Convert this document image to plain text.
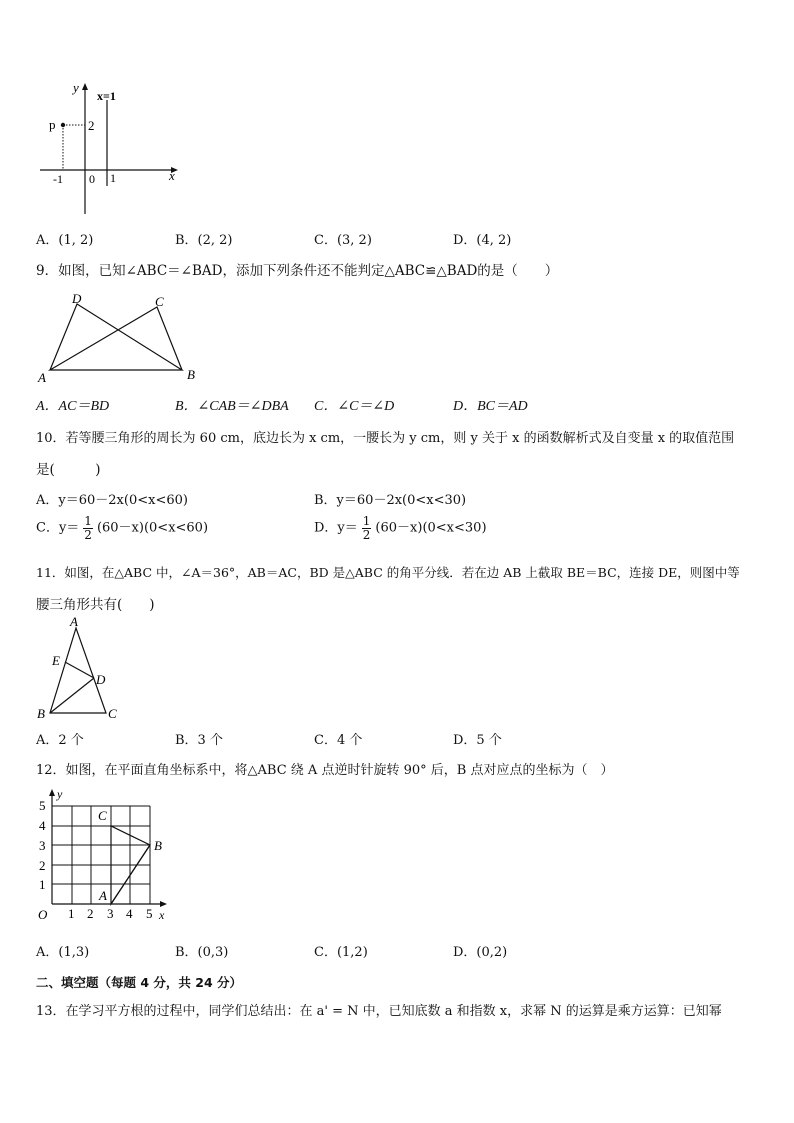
y
x=1
p	2
-1 0 1	x
A．(1, 2)	B．(2, 2)	C．(3, 2)	D．(4, 2)
9．如图，已知∠ABC＝∠BAD，添加下列条件还不能判定△ABC≌△BAD的是（　　）
D	C
A	B
A．AC＝BD	B．∠CAB＝∠DBA C．∠C＝∠D	D．BC＝AD
10．若等腰三角形的周长为 60 cm，底边长为 x cm，一腰长为 y cm，则 y 关于 x 的函数解析式及自变量 x 的取值范围
是(　　　)
A．y＝60－2x(0<x<60)	B．y＝60－2x(0<x<30)
C．$y= \frac{1}{2} (60-x)(0<x<60)$	D．$y= \frac{1}{2} (60-x)(0<x<30)$
11．如图，在△ABC 中，∠A＝36°，AB＝AC，BD 是△ABC 的角平分线．若在边 AB 上截取 BE＝BC，连接 DE，则图中等
腰三角形共有(　　)
A
E
D
B	C
A．2 个	B．3 个	C．4 个	D．5 个
12．如图，在平面直角坐标系中，将△ABC 绕 A 点逆时针旋转 90° 后，B 点对应点的坐标为（　）
5
4
3
2
1
1 2 3 4 5
O	x
y
C
B
A
A．(1,3)	B．(0,3)	C．(1,2)	D．(0,2)
二、填空题（每题 4 分，共 24 分）
13．在学习平方根的过程中，同学们总结出：在 a' = N 中，已知底数 a 和指数 x，求幂 N 的运算是乘方运算：已知幂
